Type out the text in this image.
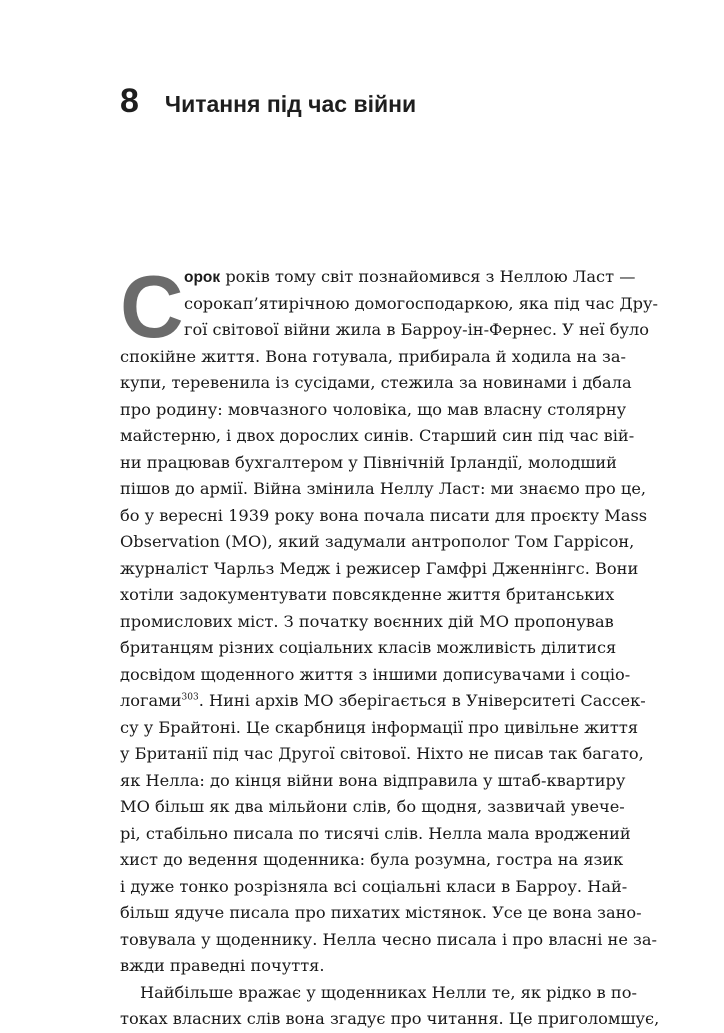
8 Читання під час війни
С орок років тому світ познайомився з Неллою Ласт —
сорокап’ятирічною домогосподаркою, яка під час Дру-
гої світової війни жила в Барроу-ін-Фернес. У неї було
спокійне життя. Вона готувала, прибирала й ходила на за-
купи, теревенила із сусідами, стежила за новинами і дбала
про родину: мовчазного чоловіка, що мав власну столярну
майстерню, і двох дорослих синів. Старший син під час вій-
ни працював бухгалтером у Північній Ірландії, молодший
пішов до армії. Війна змінила Неллу Ласт: ми знаємо про це,
бо у вересні 1939 року вона почала писати для проєкту Mass
Observation (MO), який задумали антрополог Том Гаррісон,
журналіст Чарльз Медж і режисер Гамфрі Дженнінгс. Вони
хотіли задокументувати повсякденне життя британських
промислових міст. З початку воєнних дій МО пропонував
британцям різних соціальних класів можливість ділитися
досвідом щоденного життя з іншими дописувачами і соціо-
логами$^{303}$. Нині архів МО зберігається в Університеті Сассек-
су у Брайтоні. Це скарбниця інформації про цивільне життя
у Британії під час Другої світової. Ніхто не писав так багато,
як Нелла: до кінця війни вона відправила у штаб-квартиру
МО більш як два мільйони слів, бо щодня, зазвичай увече-
рі, стабільно писала по тисячі слів. Нелла мала вроджений
хист до ведення щоденника: була розумна, гостра на язик
і дуже тонко розрізняла всі соціальні класи в Барроу. Най-
більш ядуче писала про пихатих містянок. Усе це вона зано-
товувала у щоденнику. Нелла чесно писала і про власні не за-
вжди праведні почуття.
Найбільше вражає у щоденниках Нелли те, як рідко в по-
токах власних слів вона згадує про читання. Це приголомшує,
